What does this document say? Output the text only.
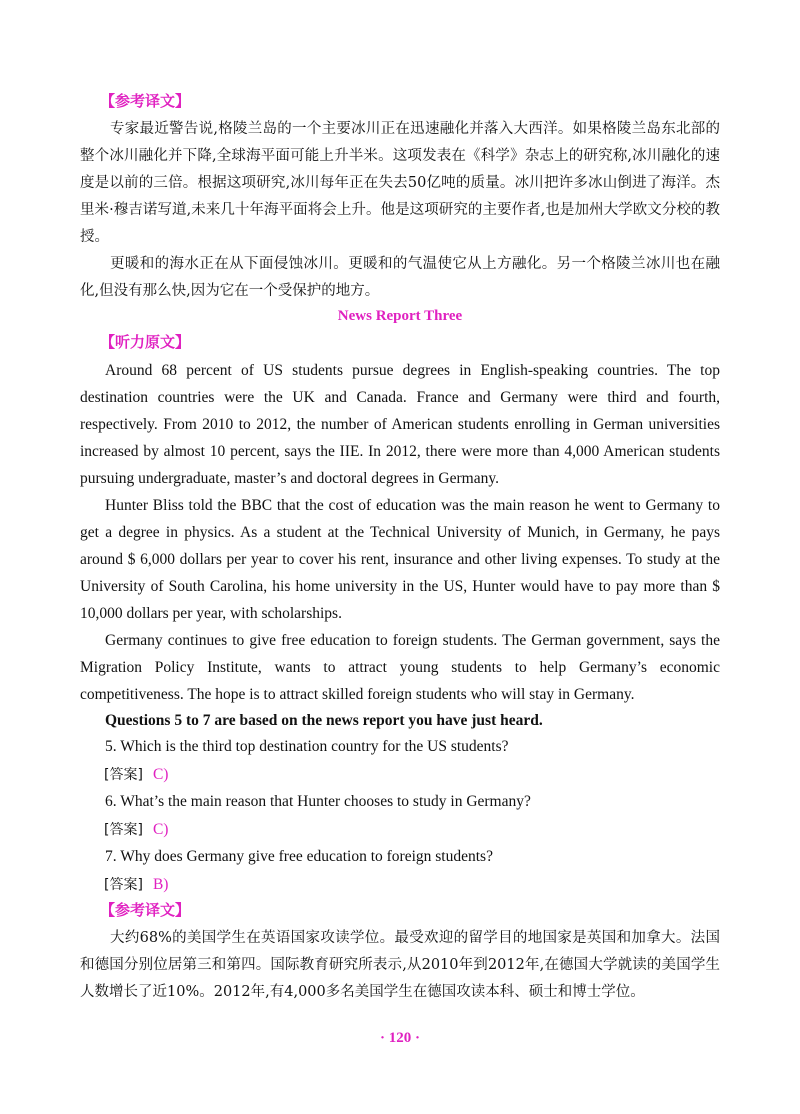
【参考译文】

专家最近警告说,格陵兰岛的一个主要冰川正在迅速融化并落入大西洋。如果格陵兰岛东北部的整个冰川融化并下降,全球海平面可能上升半米。这项发表在《科学》杂志上的研究称,冰川融化的速度是以前的三倍。根据这项研究,冰川每年正在失去50亿吨的质量。冰川把许多冰山倒进了海洋。杰里米·穆吉诺写道,未来几十年海平面将会上升。他是这项研究的主要作者,也是加州大学欧文分校的教授。

更暖和的海水正在从下面侵蚀冰川。更暖和的气温使它从上方融化。另一个格陵兰冰川也在融化,但没有那么快,因为它在一个受保护的地方。

News Report Three
【听力原文】

Around 68 percent of US students pursue degrees in English-speaking countries. The top destination countries were the UK and Canada. France and Germany were third and fourth, respectively. From 2010 to 2012, the number of American students enrolling in German universities increased by almost 10 percent, says the IIE. In 2012, there were more than 4,000 American students pursuing undergraduate, master’s and doctoral degrees in Germany.

Hunter Bliss told the BBC that the cost of education was the main reason he went to Germany to get a degree in physics. As a student at the Technical University of Munich, in Germany, he pays around $ 6,000 dollars per year to cover his rent, insurance and other living expenses. To study at the University of South Carolina, his home university in the US, Hunter would have to pay more than $ 10,000 dollars per year, with scholarships.

Germany continues to give free education to foreign students. The German government, says the Migration Policy Institute, wants to attract young students to help Germany’s economic competitiveness. The hope is to attract skilled foreign students who will stay in Germany.

Questions 5 to 7 are based on the news report you have just heard.
5. Which is the third top destination country for the US students?
[答案] C)
6. What’s the main reason that Hunter chooses to study in Germany?
[答案] C)
7. Why does Germany give free education to foreign students?
[答案] B)
【参考译文】

大约68%的美国学生在英语国家攻读学位。最受欢迎的留学目的地国家是英国和加拿大。法国和德国分别位居第三和第四。国际教育研究所表示,从2010年到2012年,在德国大学就读的美国学生人数增长了近10%。2012年,有4,000多名美国学生在德国攻读本科、硕士和博士学位。

· 120 ·
